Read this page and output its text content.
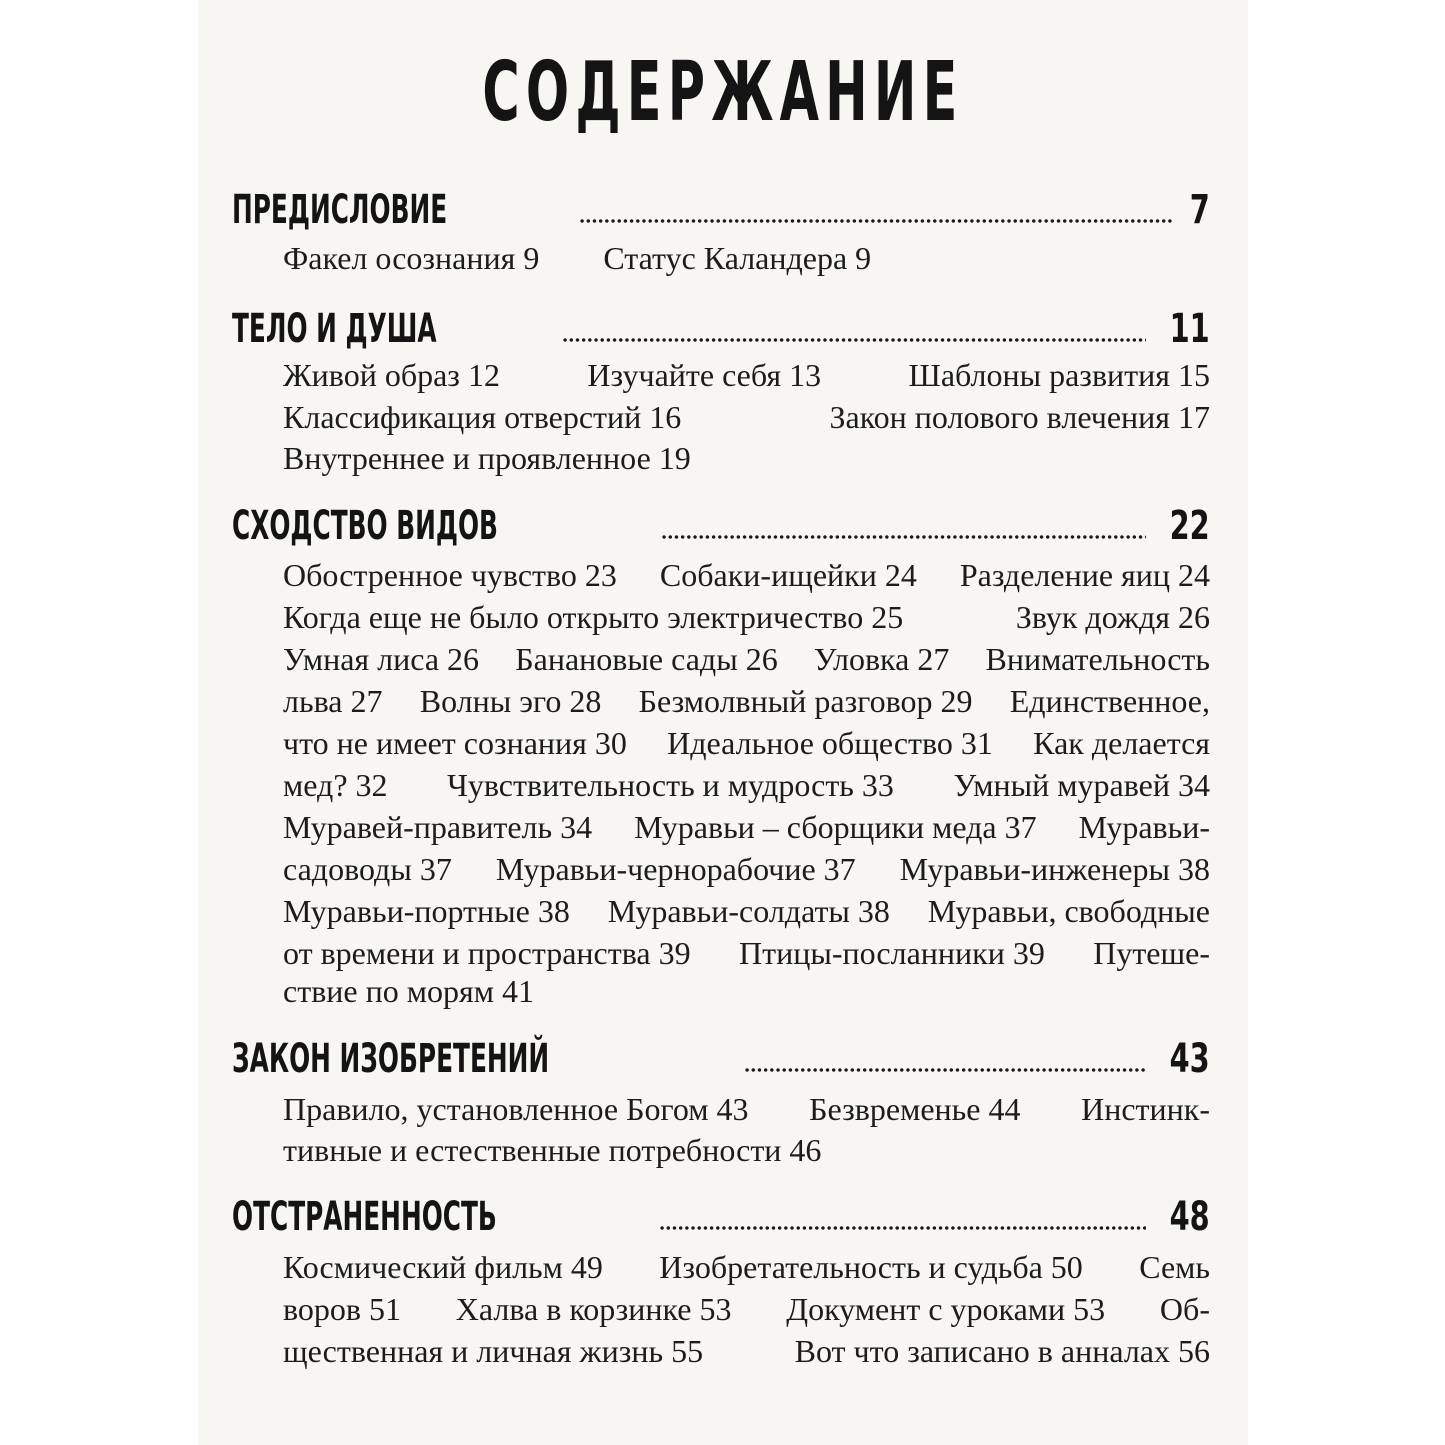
СОДЕРЖАНИЕ
ПРЕДИСЛОВИЕ	7
Факел осознания 9 Статус Каландера 9
ТЕЛО И ДУША	11
Живой образ 12	Изучайте себя 13	Шаблоны развития 15
Классификация отверстий 16	Закон полового влечения 17
Внутреннее и проявленное 19
СХОДСТВО ВИДОВ	22
Обостренное чувство 23 Собаки-ищейки 24 Разделение яиц 24
Когда еще не было открыто электричество 25	Звук дождя 26
Умная лиса 26 Банановые сады 26 Уловка 27 Внимательность
льва 27 Волны эго 28 Безмолвный разговор 29 Единственное,
что не имеет сознания 30 Идеальное общество 31 Как делается
мед? 32 Чувствительность и мудрость 33 Умный муравей 34
Муравей-правитель 34 Муравьи – сборщики меда 37 Муравьи-
садоводы 37 Муравьи-чернорабочие 37 Муравьи-инженеры 38
Муравьи-портные 38 Муравьи-солдаты 38 Муравьи, свободные
от времени и пространства 39 Птицы-посланники 39 Путеше-
ствие по морям 41
ЗАКОН ИЗОБРЕТЕНИЙ	43
Правило, установленное Богом 43 Безвременье 44 Инстинк-
тивные и естественные потребности 46
ОТСТРАНЕННОСТЬ	48
Космический фильм 49 Изобретательность и судьба 50 Семь
воров 51 Халва в корзинке 53 Документ с уроками 53 Об-
щественная и личная жизнь 55	Вот что записано в анналах 56
